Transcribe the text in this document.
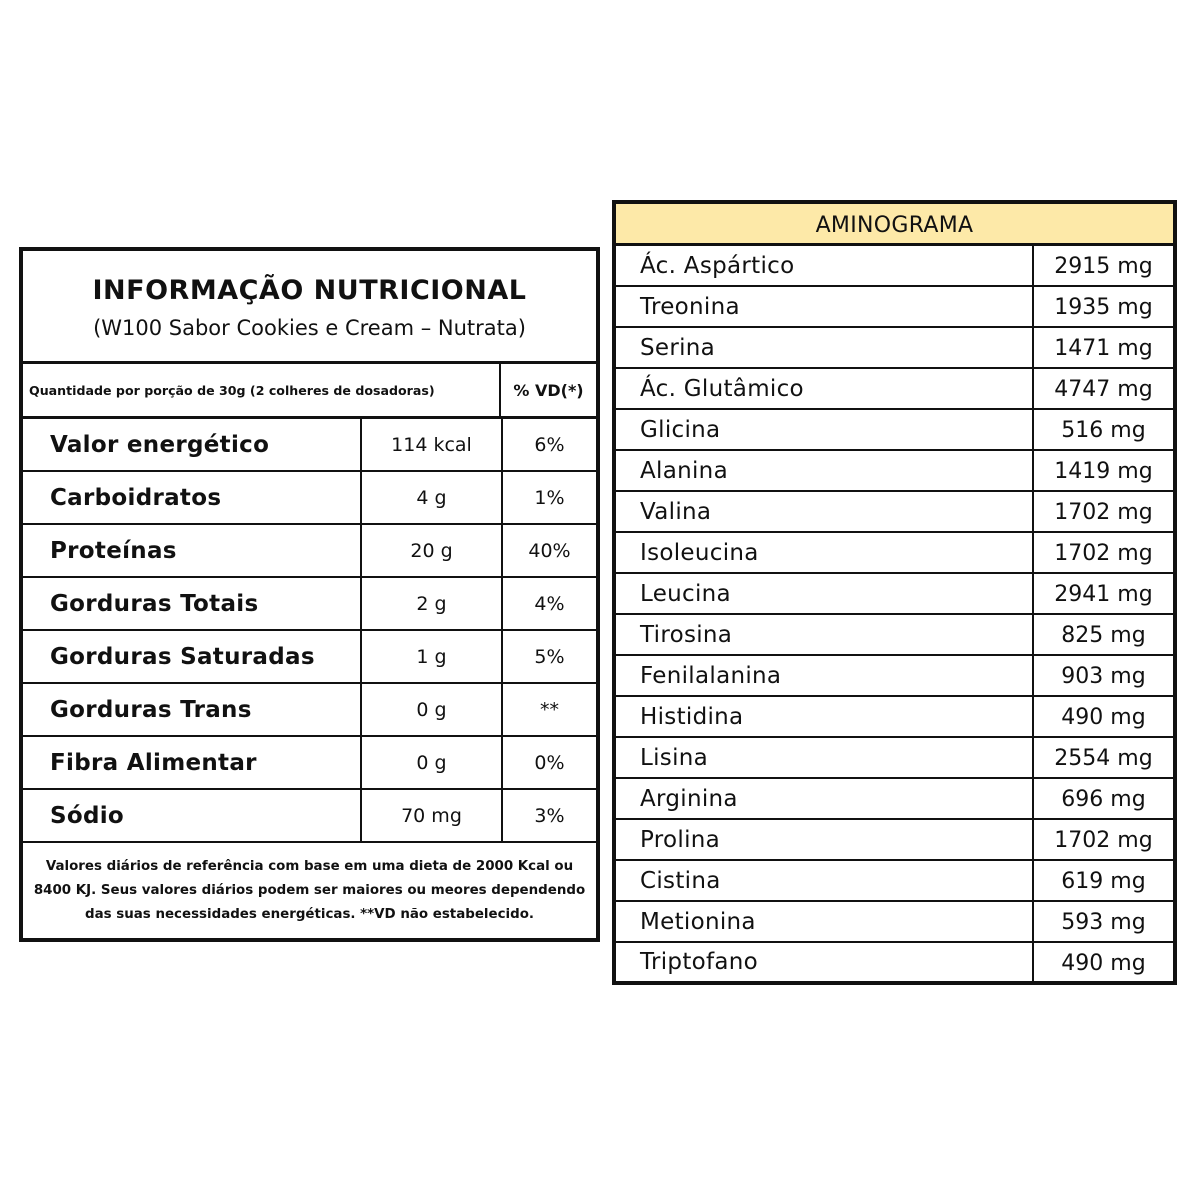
INFORMAÇÃO NUTRICIONAL
(W100 Sabor Cookies e Cream – Nutrata)
Quantidade por porção de 30g (2 colheres de dosadoras)	% VD(*)
Valor energético	114 kcal	6%
Carboidratos	4 g	1%
Proteínas	20 g	40%
Gorduras Totais	2 g	4%
Gorduras Saturadas	1 g	5%
Gorduras Trans	0 g	**
Fibra Alimentar	0 g	0%
Sódio	70 mg	3%
Valores diários de referência com base em uma dieta de 2000 Kcal ou 8400 KJ. Seus valores diários podem ser maiores ou meores dependendo das suas necessidades energéticas. **VD não estabelecido.
AMINOGRAMA
Ác. Aspártico	2915 mg
Treonina	1935 mg
Serina	1471 mg
Ác. Glutâmico	4747 mg
Glicina	516 mg
Alanina	1419 mg
Valina	1702 mg
Isoleucina	1702 mg
Leucina	2941 mg
Tirosina	825 mg
Fenilalanina	903 mg
Histidina	490 mg
Lisina	2554 mg
Arginina	696 mg
Prolina	1702 mg
Cistina	619 mg
Metionina	593 mg
Triptofano	490 mg
